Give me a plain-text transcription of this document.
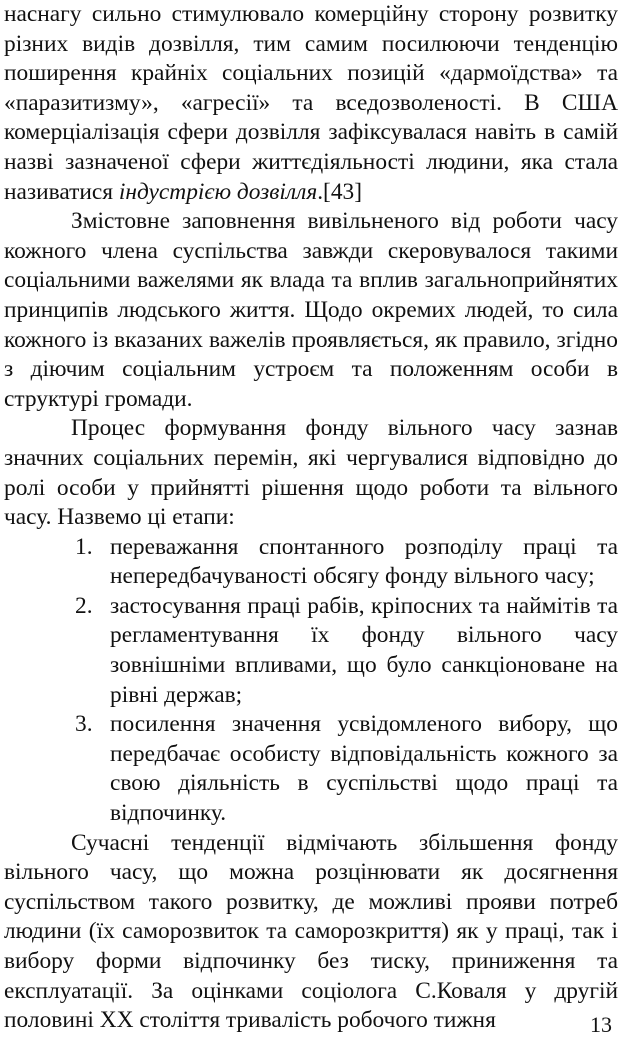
наснагу сильно стимулювало комерційну сторону розвитку різних видів дозвілля, тим самим посилюючи тенденцію поширення крайніх соціальних позицій «дармоїдства» та «паразитизму», «агресії» та вседозволеності. В США комерціалізація сфери дозвілля зафіксувалася навіть в самій назві зазначеної сфери життєдіяльності людини, яка стала називатися індустрією дозвілля.[43]

Змістовне заповнення вивільненого від роботи часу кожного члена суспільства завжди скеровувалося такими соціальними важелями як влада та вплив загальноприйнятих принципів людського життя. Щодо окремих людей, то сила кожного із вказаних важелів проявляється, як правило, згідно з діючим соціальним устроєм та положенням особи в структурі громади.

Процес формування фонду вільного часу зазнав значних соціальних перемін, які чергувалися відповідно до ролі особи у прийнятті рішення щодо роботи та вільного часу. Назвемо ці етапи:

1. переважання спонтанного розподілу праці та непередбачуваності обсягу фонду вільного часу;
2. застосування праці рабів, кріпосних та наймітів та регламентування їх фонду вільного часу зовнішніми впливами, що було санкціоноване на рівні держав;
3. посилення значення усвідомленого вибору, що передбачає особисту відповідальність кожного за свою діяльність в суспільстві щодо праці та відпочинку.

Сучасні тенденції відмічають збільшення фонду вільного часу, що можна розцінювати як досягнення суспільством такого розвитку, де можливі прояви потреб людини (їх саморозвиток та саморозкриття) як у праці, так і вибору форми відпочинку без тиску, приниження та експлуатації. За оцінками соціолога С.Коваля у другій половині XX століття тривалість робочого тижня	13
